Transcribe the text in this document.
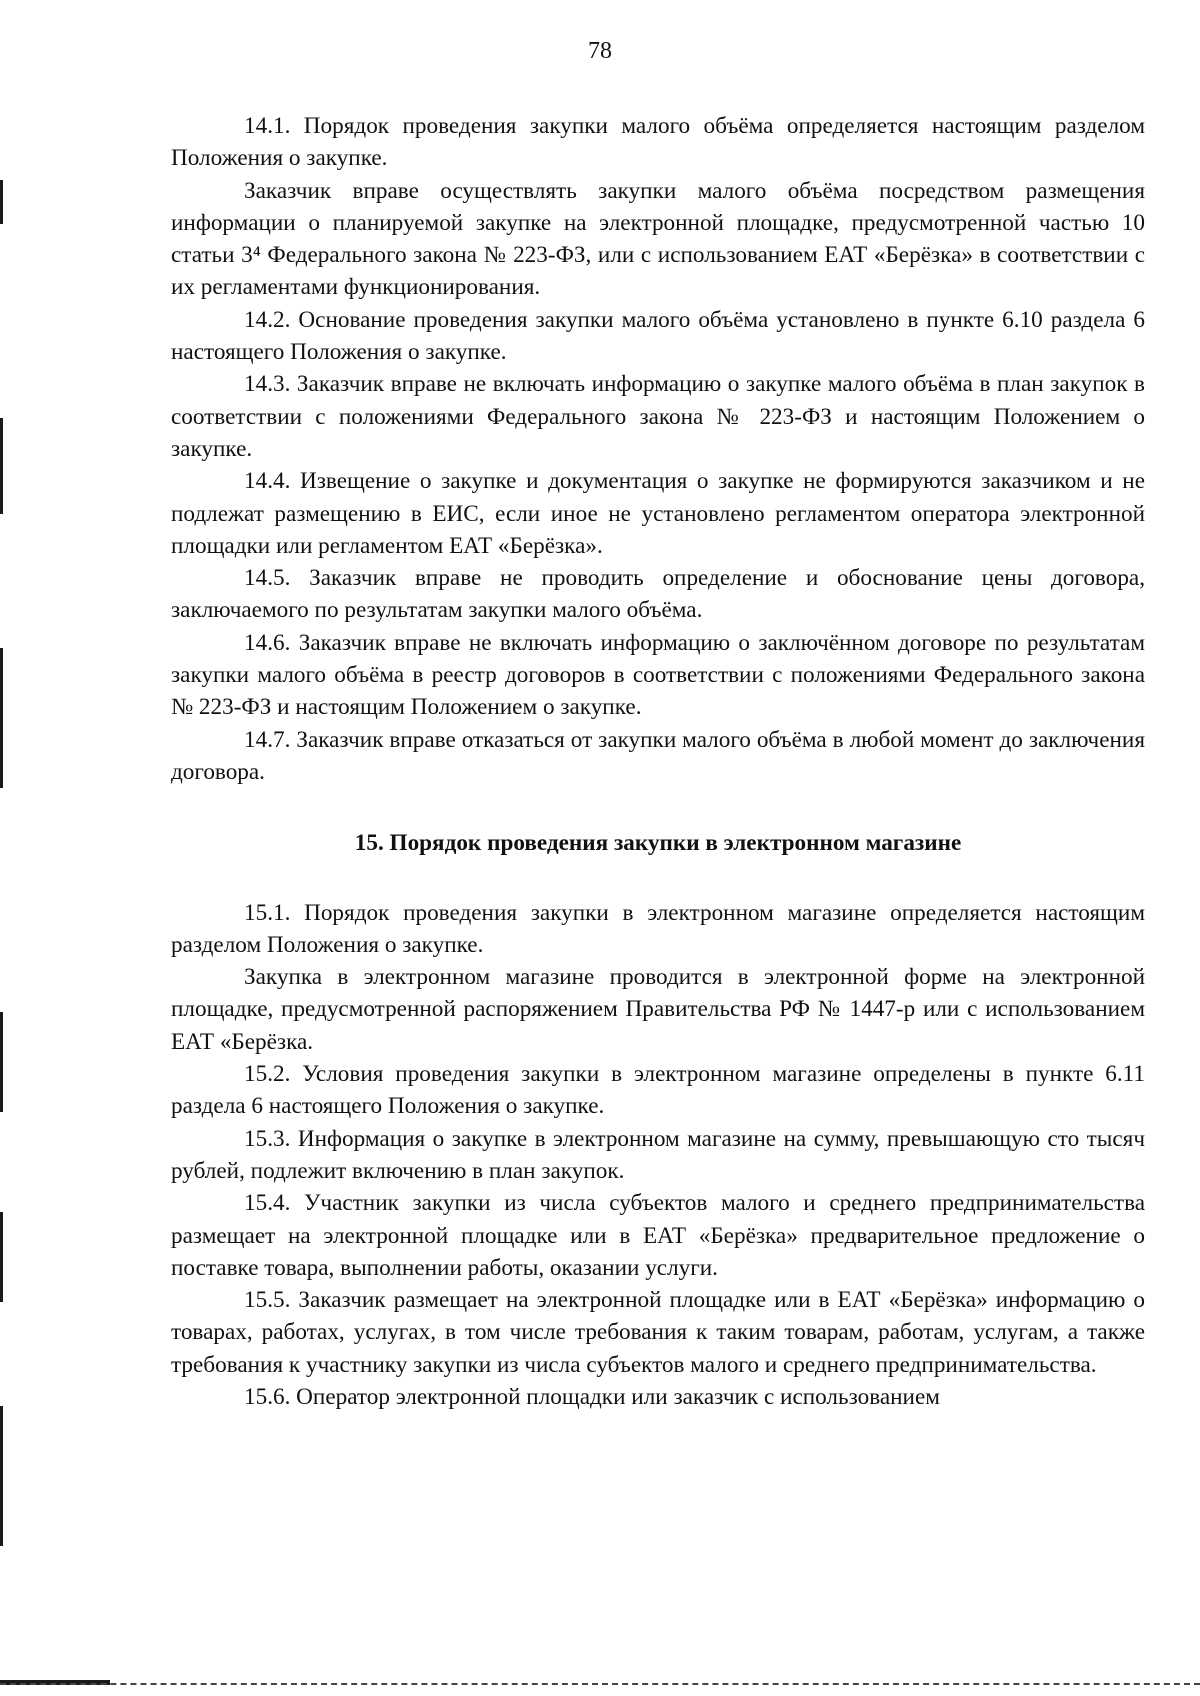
78

14.1. Порядок проведения закупки малого объёма определяется настоящим разделом Положения о закупке.

Заказчик вправе осуществлять закупки малого объёма посредством размещения информации о планируемой закупке на электронной площадке, предусмотренной частью 10 статьи 3⁴ Федерального закона № 223-ФЗ, или с использованием ЕАТ «Берёзка» в соответствии с их регламентами функционирования.

14.2. Основание проведения закупки малого объёма установлено в пункте 6.10 раздела 6 настоящего Положения о закупке.

14.3. Заказчик вправе не включать информацию о закупке малого объёма в план закупок в соответствии с положениями Федерального закона № 223-ФЗ и настоящим Положением о закупке.

14.4. Извещение о закупке и документация о закупке не формируются заказчиком и не подлежат размещению в ЕИС, если иное не установлено регламентом оператора электронной площадки или регламентом ЕАТ «Берёзка».

14.5. Заказчик вправе не проводить определение и обоснование цены договора, заключаемого по результатам закупки малого объёма.

14.6. Заказчик вправе не включать информацию о заключённом договоре по результатам закупки малого объёма в реестр договоров в соответствии с положениями Федерального закона № 223-ФЗ и настоящим Положением о закупке.

14.7. Заказчик вправе отказаться от закупки малого объёма в любой момент до заключения договора.

15. Порядок проведения закупки в электронном магазине

15.1. Порядок проведения закупки в электронном магазине определяется настоящим разделом Положения о закупке.

Закупка в электронном магазине проводится в электронной форме на электронной площадке, предусмотренной распоряжением Правительства РФ № 1447-р или с использованием ЕАТ «Берёзка.

15.2. Условия проведения закупки в электронном магазине определены в пункте 6.11 раздела 6 настоящего Положения о закупке.

15.3. Информация о закупке в электронном магазине на сумму, превышающую сто тысяч рублей, подлежит включению в план закупок.

15.4. Участник закупки из числа субъектов малого и среднего предпринимательства размещает на электронной площадке или в ЕАТ «Берёзка» предварительное предложение о поставке товара, выполнении работы, оказании услуги.

15.5. Заказчик размещает на электронной площадке или в ЕАТ «Берёзка» информацию о товарах, работах, услугах, в том числе требования к таким товарам, работам, услугам, а также требования к участнику закупки из числа субъектов малого и среднего предпринимательства.

15.6. Оператор электронной площадки или заказчик с использованием
